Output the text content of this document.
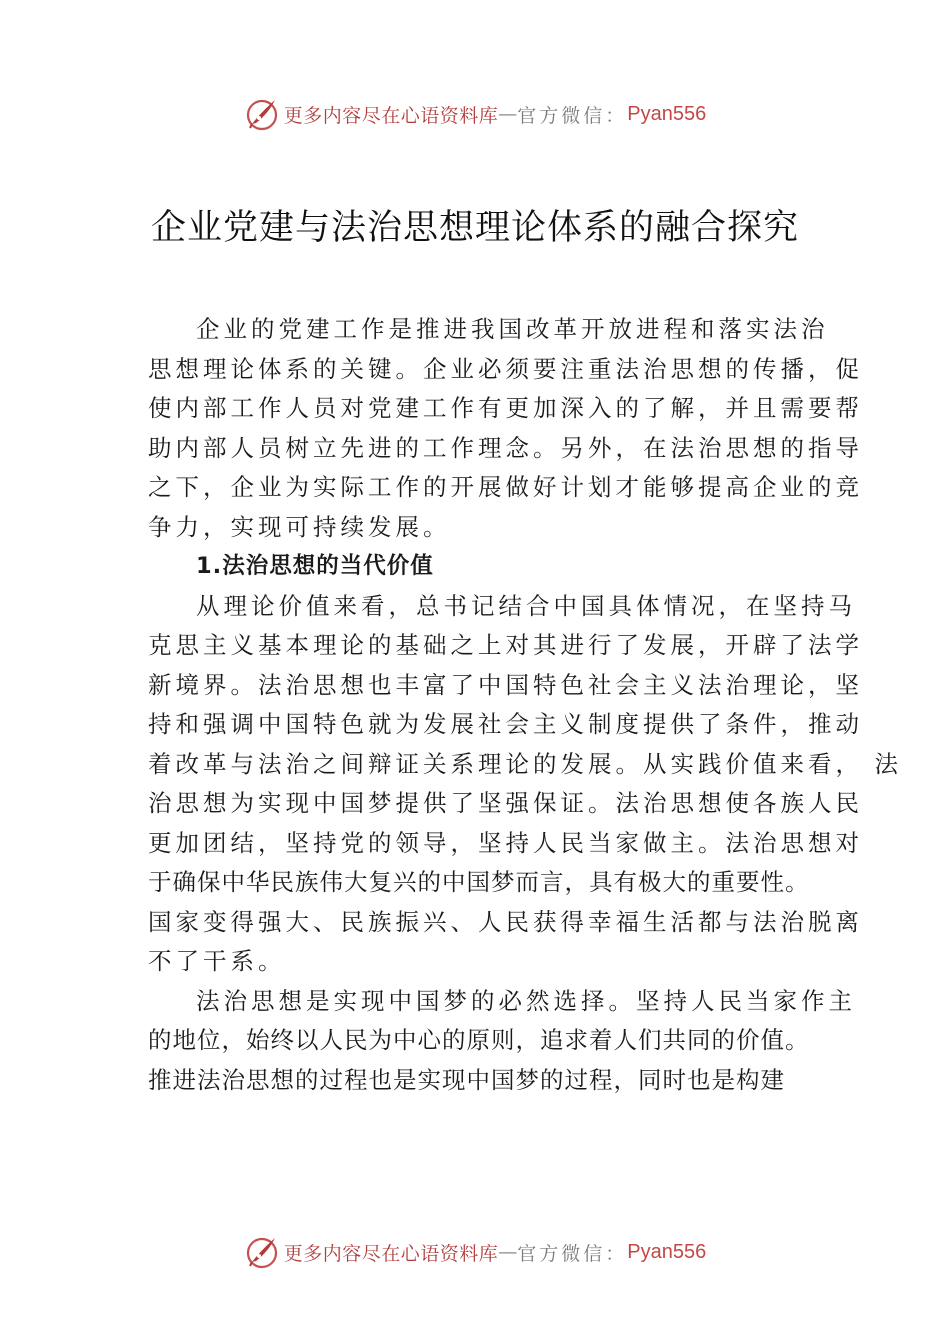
更多内容尽在心语资料库 — 官方微信： Pyan556
企业党建与法治思想理论体系的融合探究
企业的党建工作是推进我国改革开放进程和落实法治
思想理论体系的关键。企业必须要注重法治思想的传播，促
使内部工作人员对党建工作有更加深入的了解，并且需要帮
助内部人员树立先进的工作理念。另外，在法治思想的指导
之下，企业为实际工作的开展做好计划才能够提高企业的竞
争力，实现可持续发展。
1.法治思想的当代价值
从理论价值来看，总书记结合中国具体情况，在坚持马
克思主义基本理论的基础之上对其进行了发展，开辟了法学
新境界。法治思想也丰富了中国特色社会主义法治理论，坚
持和强调中国特色就为发展社会主义制度提供了条件，推动
着改革与法治之间辩证关系理论的发展。从实践价值来看， 法
治思想为实现中国梦提供了坚强保证。法治思想使各族人民
更加团结，坚持党的领导，坚持人民当家做主。法治思想对
于确保中华民族伟大复兴的中国梦而言，具有极大的重要性。
国家变得强大、民族振兴、人民获得幸福生活都与法治脱离
不了干系。
法治思想是实现中国梦的必然选择。坚持人民当家作主
的地位，始终以人民为中心的原则，追求着人们共同的价值。
推进法治思想的过程也是实现中国梦的过程，同时也是构建
更多内容尽在心语资料库 — 官方微信： Pyan556
